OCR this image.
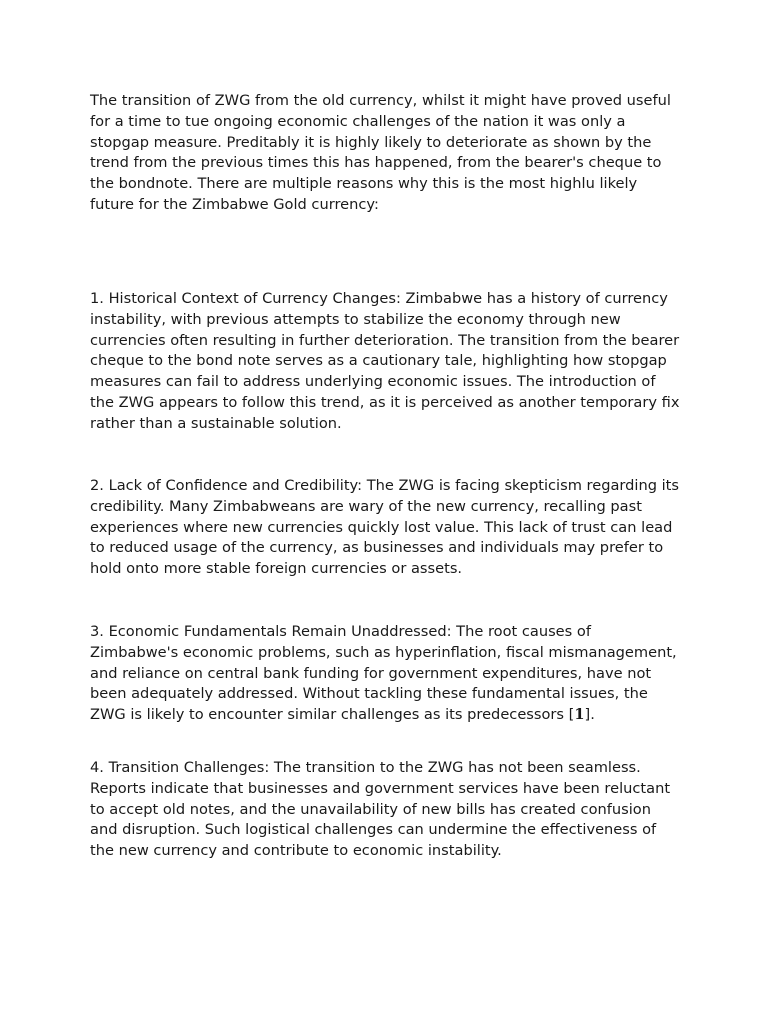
The transition of ZWG from the old currency, whilst it might have proved useful for a time to tue ongoing economic challenges of the nation it was only a stopgap measure. Preditably it is highly likely to deteriorate as shown by the trend from the previous times this has happened, from the bearer's cheque to the bondnote. There are multiple reasons why this is the most highlu likely future for the Zimbabwe Gold currency:

1. Historical Context of Currency Changes: Zimbabwe has a history of currency instability, with previous attempts to stabilize the economy through new currencies often resulting in further deterioration. The transition from the bearer cheque to the bond note serves as a cautionary tale, highlighting how stopgap measures can fail to address underlying economic issues. The introduction of the ZWG appears to follow this trend, as it is perceived as another temporary fix rather than a sustainable solution.

2. Lack of Confidence and Credibility: The ZWG is facing skepticism regarding its credibility. Many Zimbabweans are wary of the new currency, recalling past experiences where new currencies quickly lost value. This lack of trust can lead to reduced usage of the currency, as businesses and individuals may prefer to hold onto more stable foreign currencies or assets.

3. Economic Fundamentals Remain Unaddressed: The root causes of Zimbabwe's economic problems, such as hyperinflation, fiscal mismanagement, and reliance on central bank funding for government expenditures, have not been adequately addressed. Without tackling these fundamental issues, the ZWG is likely to encounter similar challenges as its predecessors [1].

4. Transition Challenges: The transition to the ZWG has not been seamless. Reports indicate that businesses and government services have been reluctant to accept old notes, and the unavailability of new bills has created confusion and disruption. Such logistical challenges can undermine the effectiveness of the new currency and contribute to economic instability.
